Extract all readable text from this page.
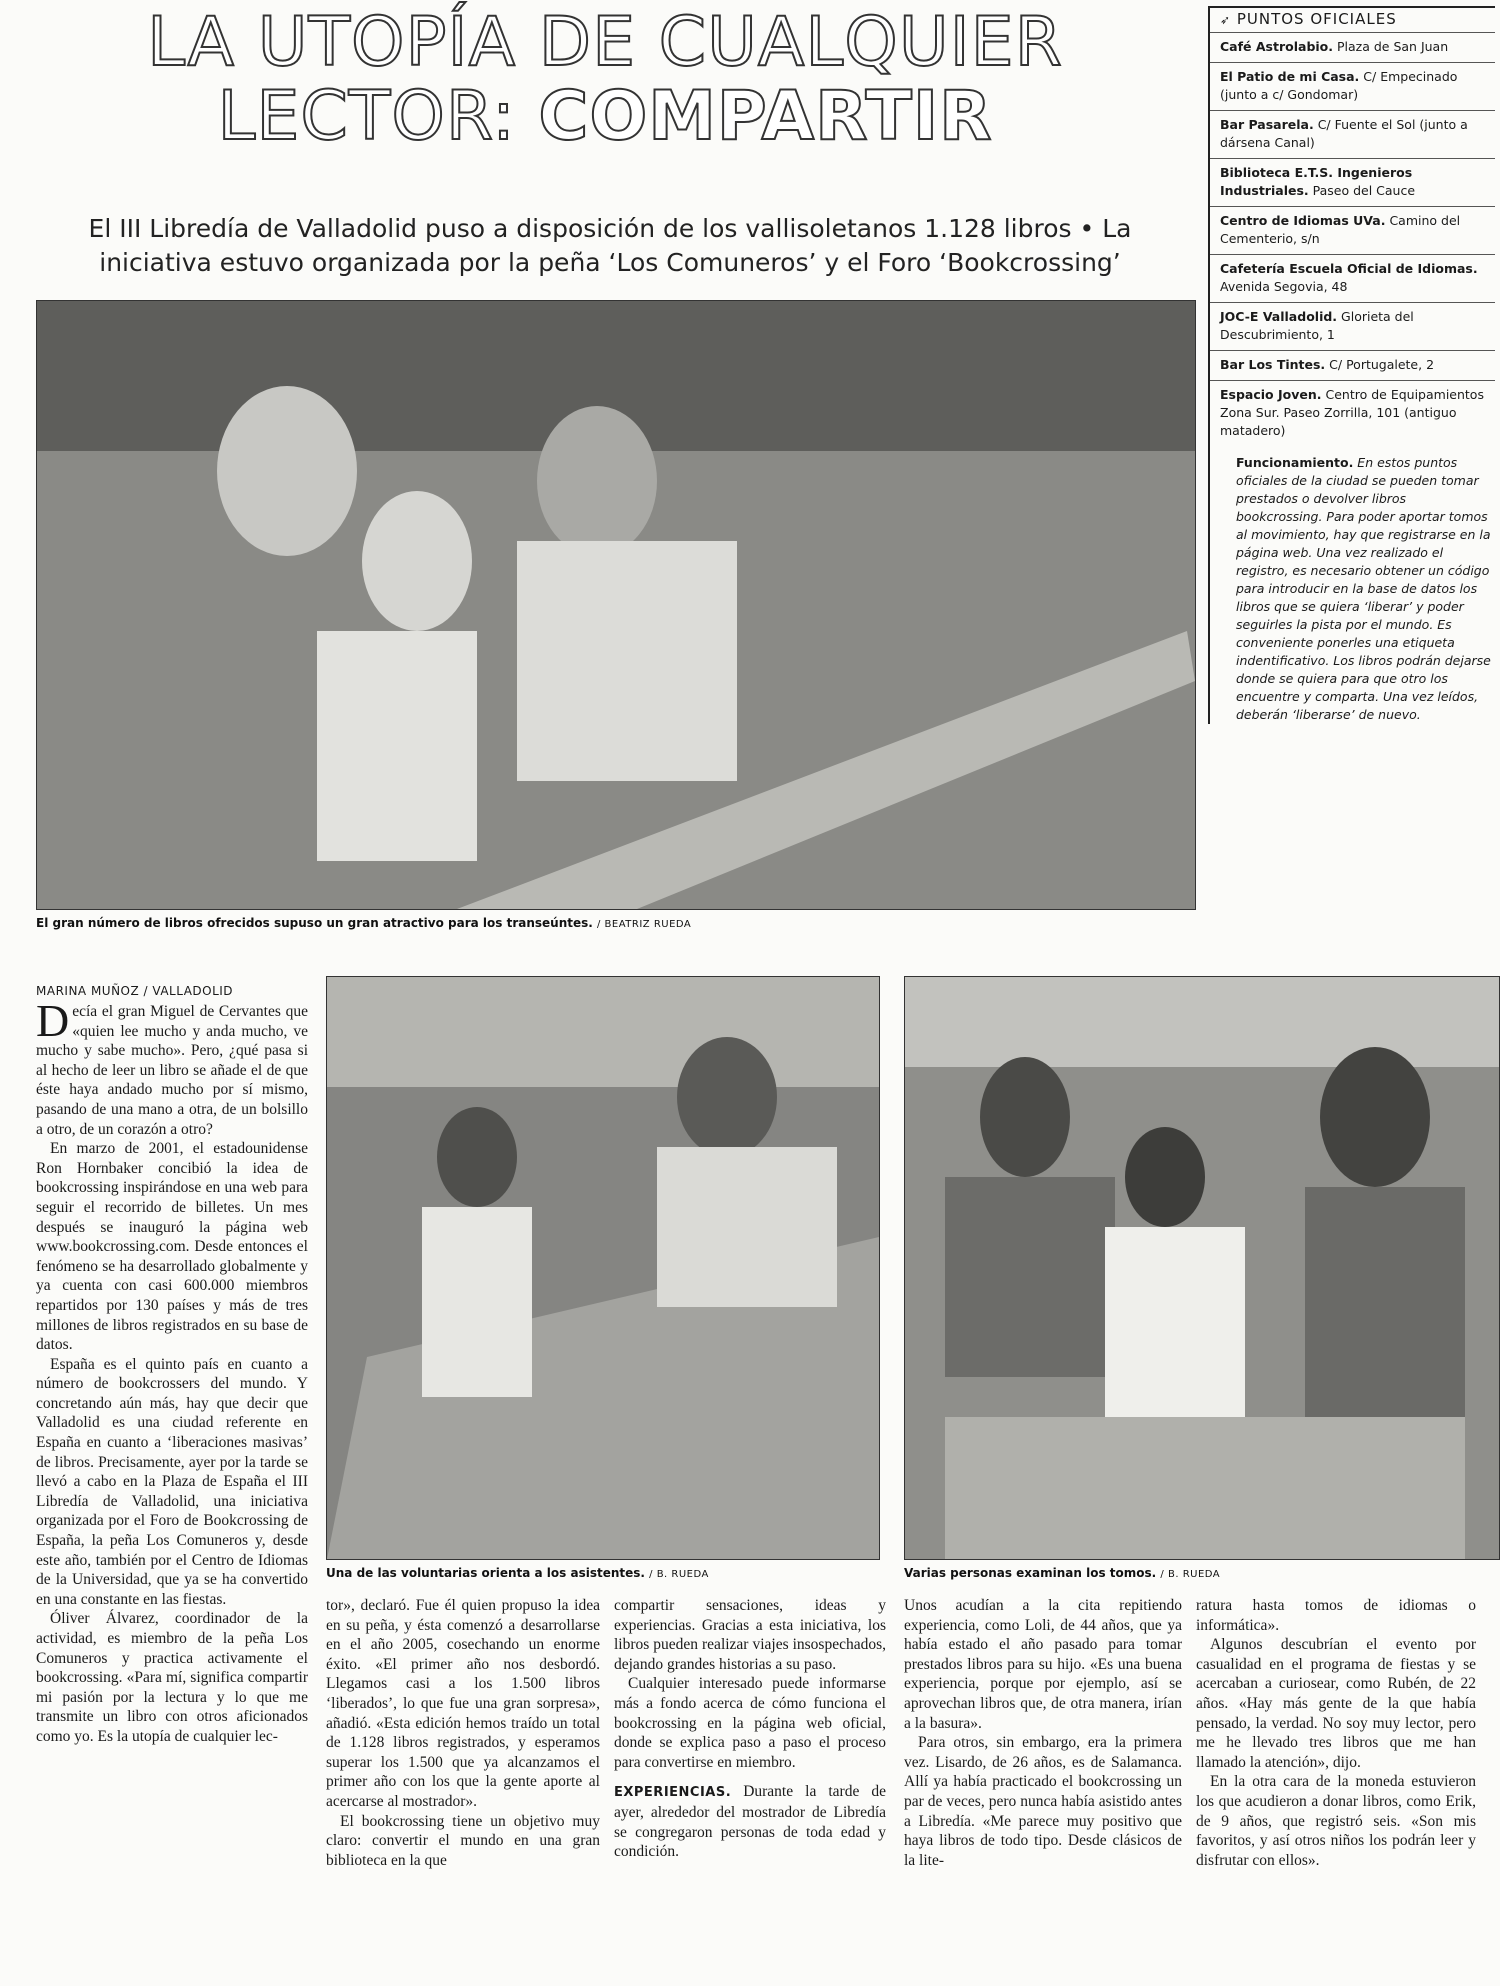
LA UTOPÍA DE CUALQUIER
LECTOR: COMPARTIR
El III Libredía de Valladolid puso a disposición de los vallisoletanos 1.128 libros • La iniciativa estuvo organizada por la peña ‘Los Comuneros’ y el Foro ‘Bookcrossing’
El gran número de libros ofrecidos supuso un gran atractivo para los transeúntes. / BEATRIZ RUEDA
➶ PUNTOS OFICIALES
Café Astrolabio. Plaza de San Juan
El Patio de mi Casa. C/ Empecinado (junto a c/ Gondomar)
Bar Pasarela. C/ Fuente el Sol (junto a dársena Canal)
Biblioteca E.T.S. Ingenieros Industriales. Paseo del Cauce
Centro de Idiomas UVa. Camino del Cementerio, s/n
Cafetería Escuela Oficial de Idiomas. Avenida Segovia, 48
JOC-E Valladolid. Glorieta del Descubrimiento, 1
Bar Los Tintes. C/ Portugalete, 2
Espacio Joven. Centro de Equipamientos Zona Sur. Paseo Zorrilla, 101 (antiguo matadero)
Funcionamiento. En estos puntos oficiales de la ciudad se pueden tomar prestados o devolver libros bookcrossing. Para poder aportar tomos al movimiento, hay que registrarse en la página web. Una vez realizado el registro, es necesario obtener un código para introducir en la base de datos los libros que se quiera ‘liberar’ y poder seguirles la pista por el mundo. Es conveniente ponerles una etiqueta indentificativo. Los libros podrán dejarse donde se quiera para que otro los encuentre y comparta. Una vez leídos, deberán ‘liberarse’ de nuevo.
MARINA MUÑOZ / VALLADOLID

Decía el gran Miguel de Cervantes que «quien lee mucho y anda mucho, ve mucho y sabe mucho». Pero, ¿qué pasa si al hecho de leer un libro se añade el de que éste haya andado mucho por sí mismo, pasando de una mano a otra, de un bolsillo a otro, de un corazón a otro?

En marzo de 2001, el estadounidense Ron Hornbaker concibió la idea de bookcrossing inspirándose en una web para seguir el recorrido de billetes. Un mes después se inauguró la página web www.bookcrossing.com. Desde entonces el fenómeno se ha desarrollado globalmente y ya cuenta con casi 600.000 miembros repartidos por 130 países y más de tres millones de libros registrados en su base de datos.

España es el quinto país en cuanto a número de bookcrossers del mundo. Y concretando aún más, hay que decir que Valladolid es una ciudad referente en España en cuanto a ‘liberaciones masivas’ de libros. Precisamente, ayer por la tarde se llevó a cabo en la Plaza de España el III Libredía de Valladolid, una iniciativa organizada por el Foro de Bookcrossing de España, la peña Los Comuneros y, desde este año, también por el Centro de Idiomas de la Universidad, que ya se ha convertido en una constante en las fiestas.

Óliver Álvarez, coordinador de la actividad, es miembro de la peña Los Comuneros y practica activamente el bookcrossing. «Para mí, significa compartir mi pasión por la lectura y lo que me transmite un libro con otros aficionados como yo. Es la utopía de cualquier lec-

Una de las voluntarias orienta a los asistentes. / B. RUEDA	Varias personas examinan los tomos. / B. RUEDA

tor», declaró. Fue él quien propuso la idea en su peña, y ésta comenzó a desarrollarse en el año 2005, cosechando un enorme éxito. «El primer año nos desbordó. Llegamos casi a los 1.500 libros ‘liberados’, lo que fue una gran sorpresa», añadió. «Esta edición hemos traído un total de 1.128 libros registrados, y esperamos superar los 1.500 que ya alcanzamos el primer año con los que la gente aporte al acercarse al mostrador».

El bookcrossing tiene un objetivo muy claro: convertir el mundo en una gran biblioteca en la que

compartir sensaciones, ideas y experiencias. Gracias a esta iniciativa, los libros pueden realizar viajes insospechados, dejando grandes historias a su paso.

Cualquier interesado puede informarse más a fondo acerca de cómo funciona el bookcrossing en la página web oficial, donde se explica paso a paso el proceso para convertirse en miembro.

EXPERIENCIAS. Durante la tarde de ayer, alrededor del mostrador de Libredía se congregaron personas de toda edad y condición.

Unos acudían a la cita repitiendo experiencia, como Loli, de 44 años, que ya había estado el año pasado para tomar prestados libros para su hijo. «Es una buena experiencia, porque por ejemplo, así se aprovechan libros que, de otra manera, irían a la basura».

Para otros, sin embargo, era la primera vez. Lisardo, de 26 años, es de Salamanca. Allí ya había practicado el bookcrossing un par de veces, pero nunca había asistido antes a Libredía. «Me parece muy positivo que haya libros de todo tipo. Desde clásicos de la lite-

ratura hasta tomos de idiomas o informática».

Algunos descubrían el evento por casualidad en el programa de fiestas y se acercaban a curiosear, como Rubén, de 22 años. «Hay más gente de la que había pensado, la verdad. No soy muy lector, pero me he llevado tres libros que me han llamado la atención», dijo.

En la otra cara de la moneda estuvieron los que acudieron a donar libros, como Erik, de 9 años, que registró seis. «Son mis favoritos, y así otros niños los podrán leer y disfrutar con ellos».
